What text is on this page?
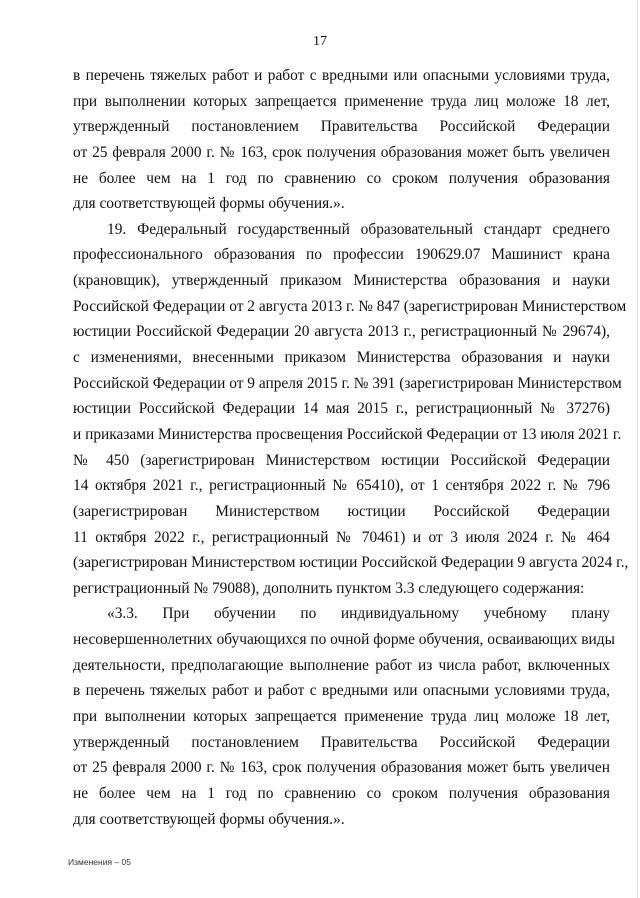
17
в перечень тяжелых работ и работ с вредными или опасными условиями труда,
при выполнении которых запрещается применение труда лиц моложе 18 лет,
утвержденный постановлением Правительства Российской Федерации
от 25 февраля 2000 г. № 163, срок получения образования может быть увеличен
не более чем на 1 год по сравнению со сроком получения образования
для соответствующей формы обучения.».
19. Федеральный государственный образовательный стандарт среднего
профессионального образования по профессии 190629.07 Машинист крана
(крановщик), утвержденный приказом Министерства образования и науки
Российской Федерации от 2 августа 2013 г. № 847 (зарегистрирован Министерством
юстиции Российской Федерации 20 августа 2013 г., регистрационный № 29674),
с изменениями, внесенными приказом Министерства образования и науки
Российской Федерации от 9 апреля 2015 г. № 391 (зарегистрирован Министерством
юстиции Российской Федерации 14 мая 2015 г., регистрационный № 37276)
и приказами Министерства просвещения Российской Федерации от 13 июля 2021 г.
№ 450 (зарегистрирован Министерством юстиции Российской Федерации
14 октября 2021 г., регистрационный № 65410), от 1 сентября 2022 г. № 796
(зарегистрирован Министерством юстиции Российской Федерации
11 октября 2022 г., регистрационный № 70461) и от 3 июля 2024 г. № 464
(зарегистрирован Министерством юстиции Российской Федерации 9 августа 2024 г.,
регистрационный № 79088), дополнить пунктом 3.3 следующего содержания:
«3.3. При обучении по индивидуальному учебному плану
несовершеннолетних обучающихся по очной форме обучения, осваивающих виды
деятельности, предполагающие выполнение работ из числа работ, включенных
в перечень тяжелых работ и работ с вредными или опасными условиями труда,
при выполнении которых запрещается применение труда лиц моложе 18 лет,
утвержденный постановлением Правительства Российской Федерации
от 25 февраля 2000 г. № 163, срок получения образования может быть увеличен
не более чем на 1 год по сравнению со сроком получения образования
для соответствующей формы обучения.».
Изменения – 05
